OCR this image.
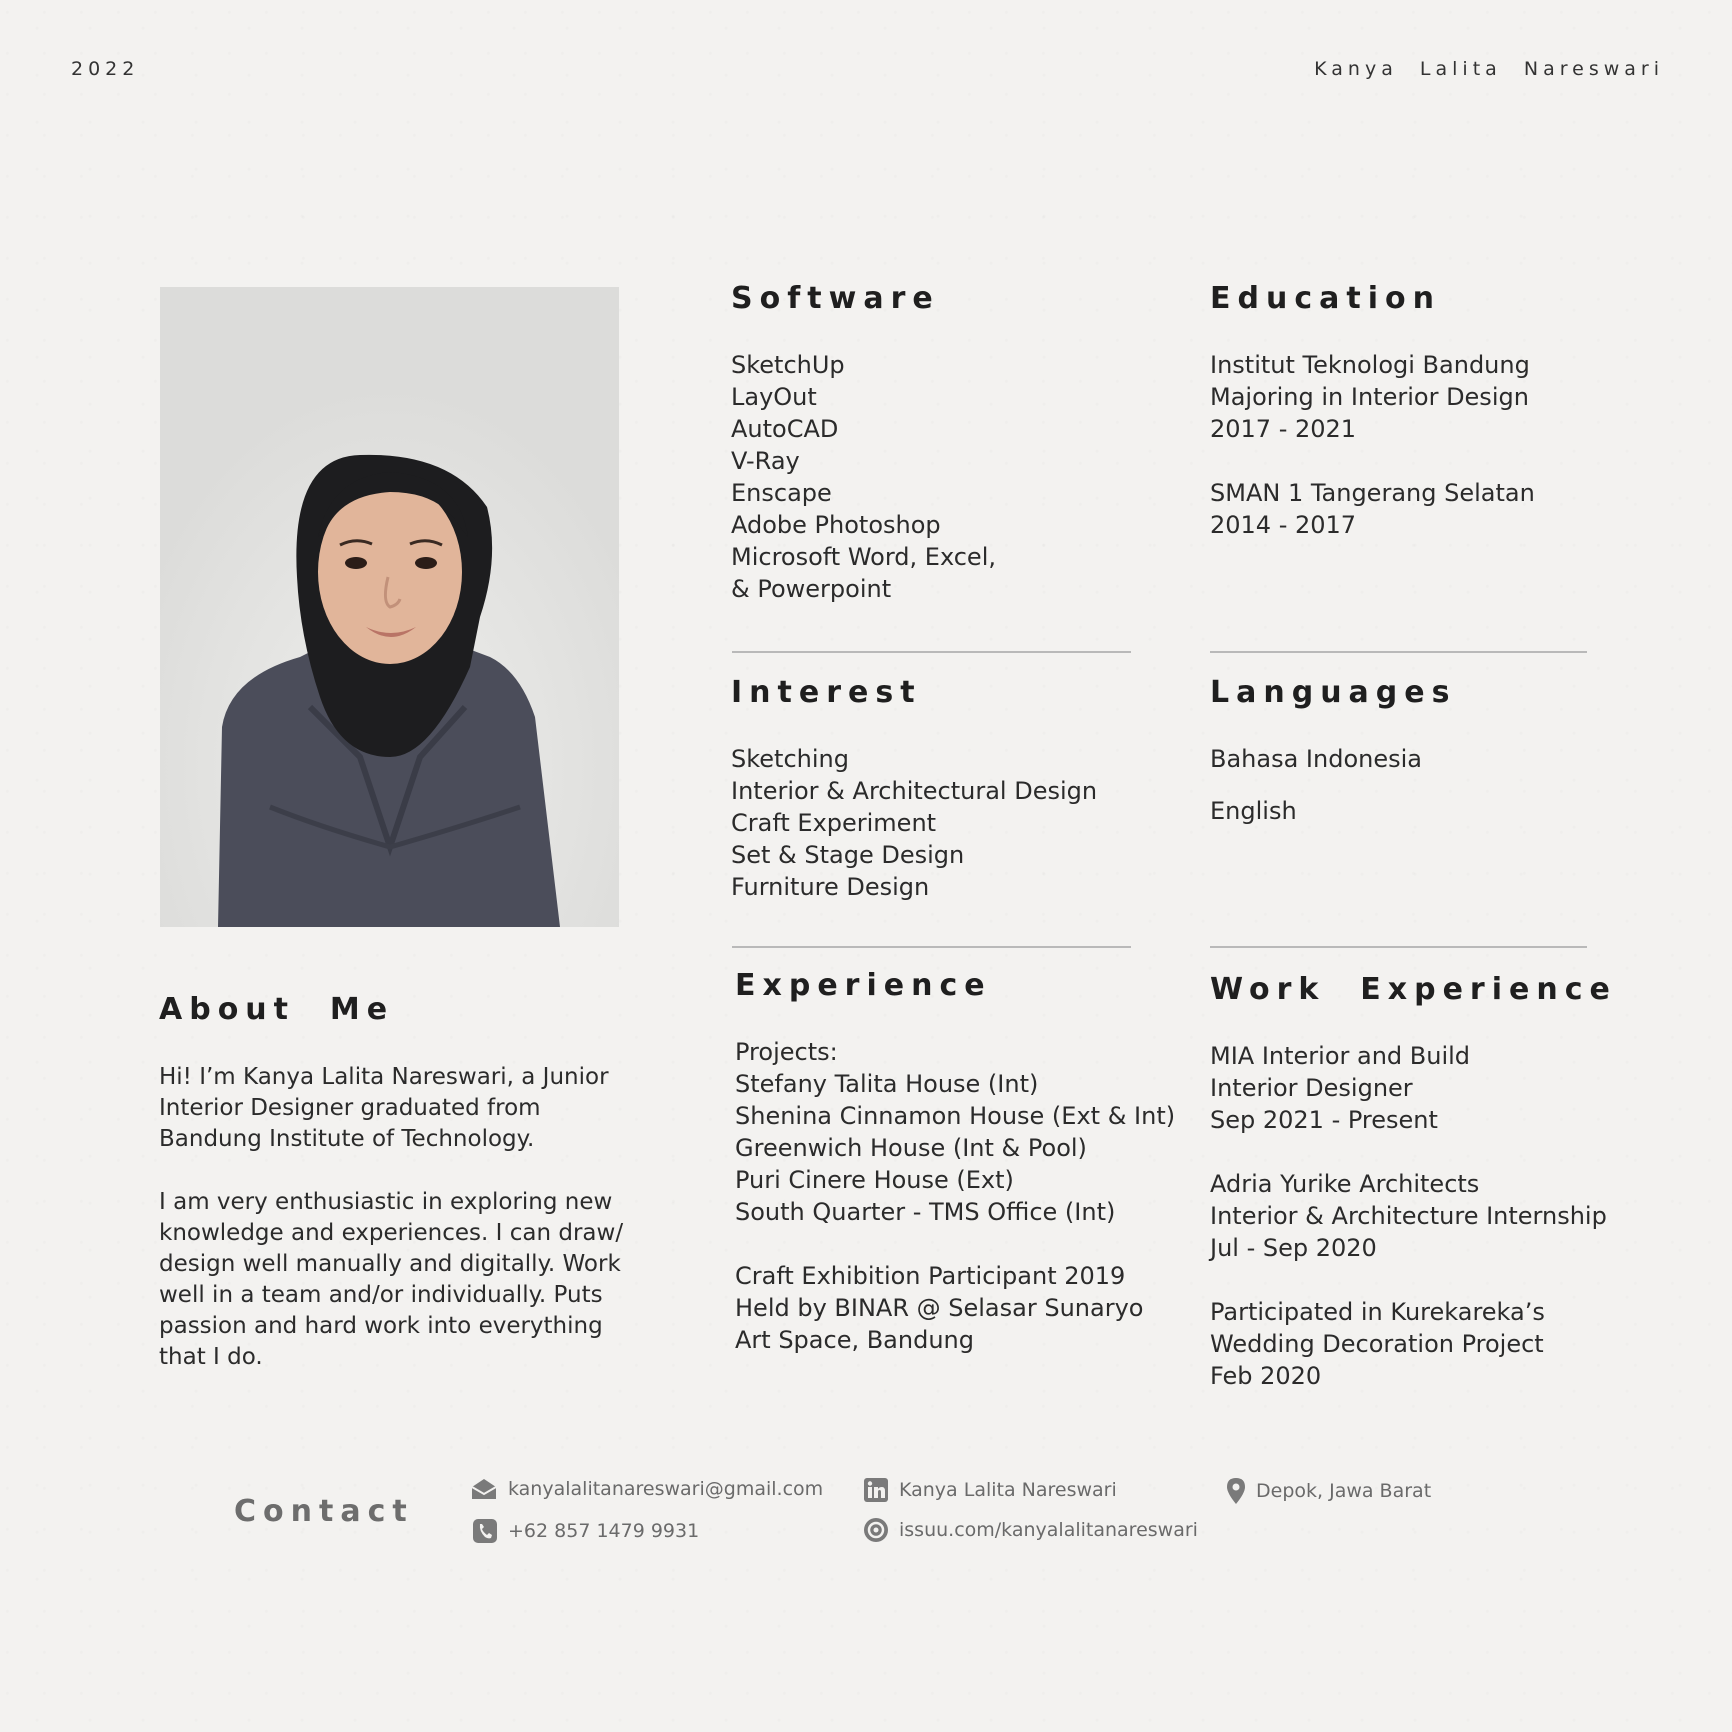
2022	Kanya  Lalita  Nareswari
Software
SketchUp
LayOut
AutoCAD
V-Ray
Enscape
Adobe Photoshop
Microsoft Word, Excel,
& Powerpoint
Education
Institut Teknologi Bandung
Majoring in Interior Design
2017 - 2021
SMAN 1 Tangerang Selatan
2014 - 2017
Interest
Sketching
Interior & Architectural Design
Craft Experiment
Set & Stage Design
Furniture Design
Languages
Bahasa Indonesia
English
About  Me

Hi! I’m Kanya Lalita Nareswari, a Junior Interior Designer graduated from Bandung Institute of Technology.

I am very enthusiastic in exploring new knowledge and experiences. I can draw/ design well manually and digitally. Work well in a team and/or individually. Puts passion and hard work into everything that I do.

Experience
Projects:
Stefany Talita House (Int)
Shenina Cinnamon House (Ext & Int)
Greenwich House (Int & Pool)
Puri Cinere House (Ext)
South Quarter - TMS Office (Int)
Craft Exhibition Participant 2019
Held by BINAR @ Selasar Sunaryo
Art Space, Bandung
Work  Experience
MIA Interior and Build
Interior Designer
Sep 2021 - Present
Adria Yurike Architects
Interior & Architecture Internship
Jul - Sep 2020
Participated in Kurekareka’s
Wedding Decoration Project
Feb 2020
Contact
kanyalalitanareswari@gmail.com
+62 857 1479 9931
Kanya Lalita Nareswari
issuu.com/kanyalalitanareswari
Depok, Jawa Barat
